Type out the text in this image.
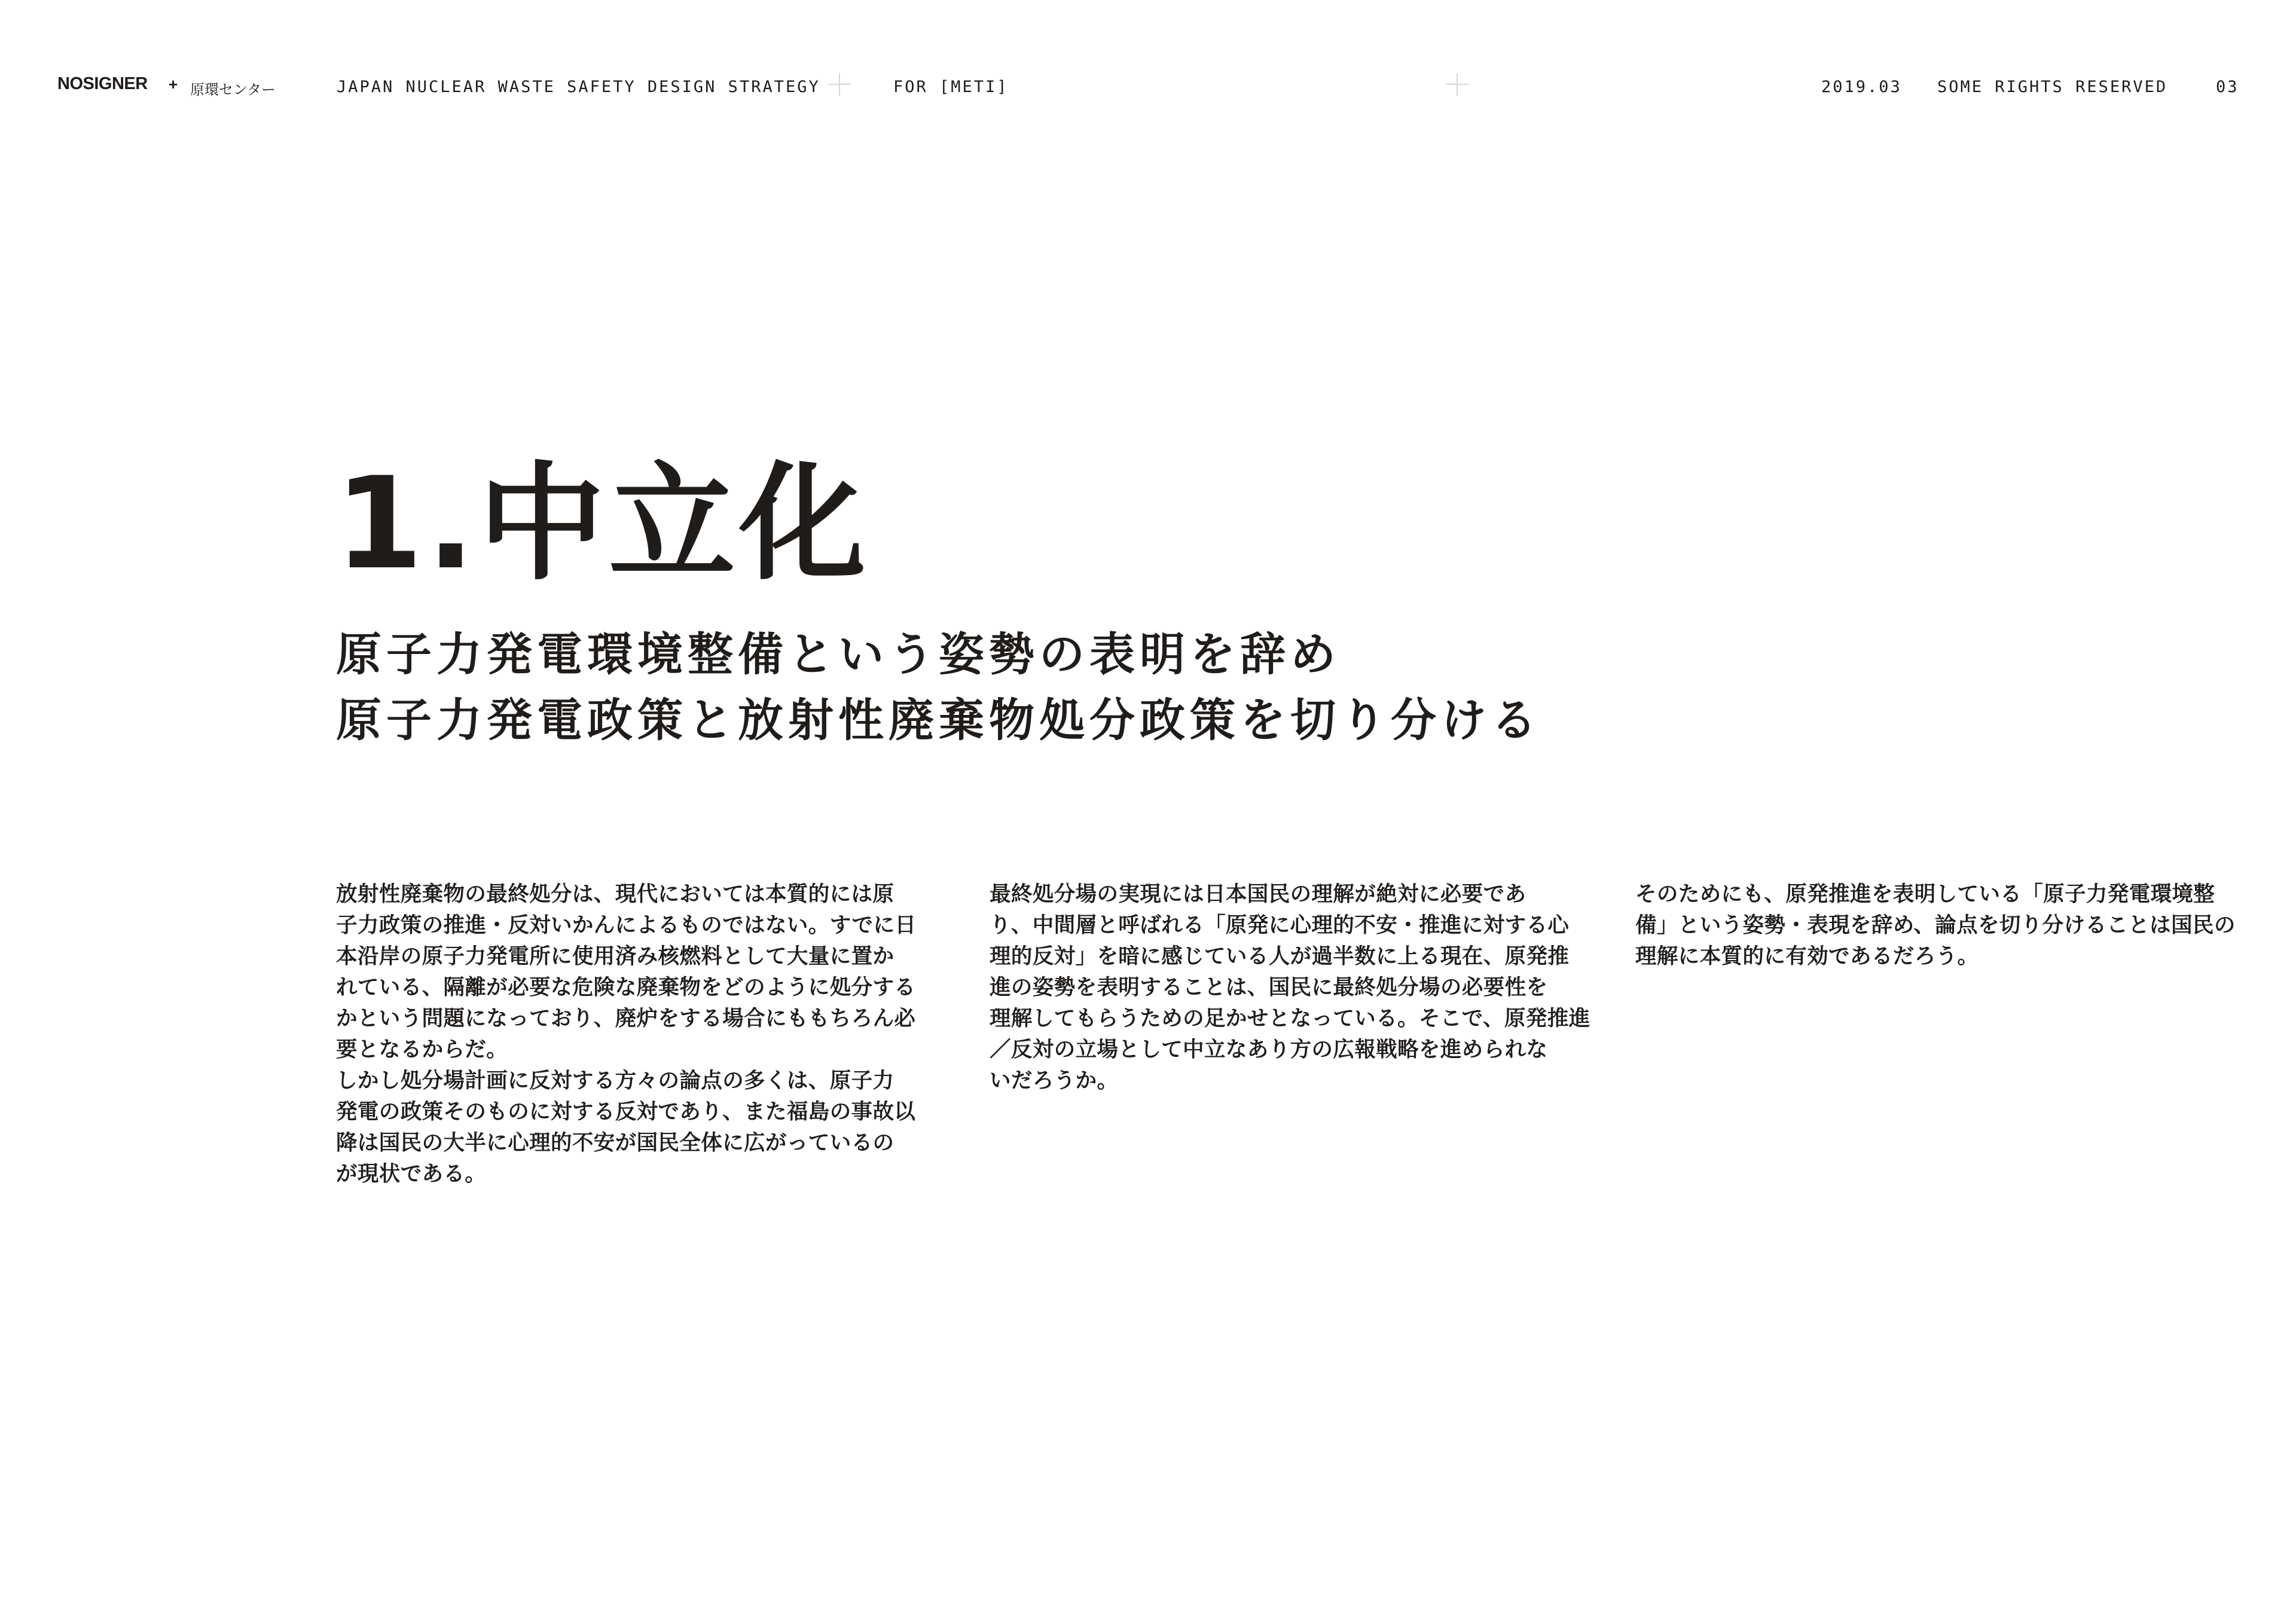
NOSIGNER + 原環センター	JAPAN NUCLEAR WASTE SAFETY DESIGN STRATEGY	FOR [METI]	2019.03 SOME RIGHTS RESERVED	03
1.中立化
原子力発電環境整備という姿勢の表明を辞め
原子力発電政策と放射性廃棄物処分政策を切り分ける
放射性廃棄物の最終処分は、現代においては本質的には原
子力政策の推進・反対いかんによるものではない。すでに日
本沿岸の原子力発電所に使用済み核燃料として大量に置か
れている、隔離が必要な危険な廃棄物をどのように処分する
かという問題になっており、廃炉をする場合にももちろん必
要となるからだ。
しかし処分場計画に反対する方々の論点の多くは、原子力
発電の政策そのものに対する反対であり、また福島の事故以
降は国民の大半に心理的不安が国民全体に広がっているの
が現状である。
最終処分場の実現には日本国民の理解が絶対に必要であ
り、中間層と呼ばれる「原発に心理的不安・推進に対する心
理的反対」を暗に感じている人が過半数に上る現在、原発推
進の姿勢を表明することは、国民に最終処分場の必要性を
理解してもらうための足かせとなっている。そこで、原発推進
／反対の立場として中立なあり方の広報戦略を進められな
いだろうか。
そのためにも、原発推進を表明している「原子力発電環境整
備」という姿勢・表現を辞め、論点を切り分けることは国民の
理解に本質的に有効であるだろう。
